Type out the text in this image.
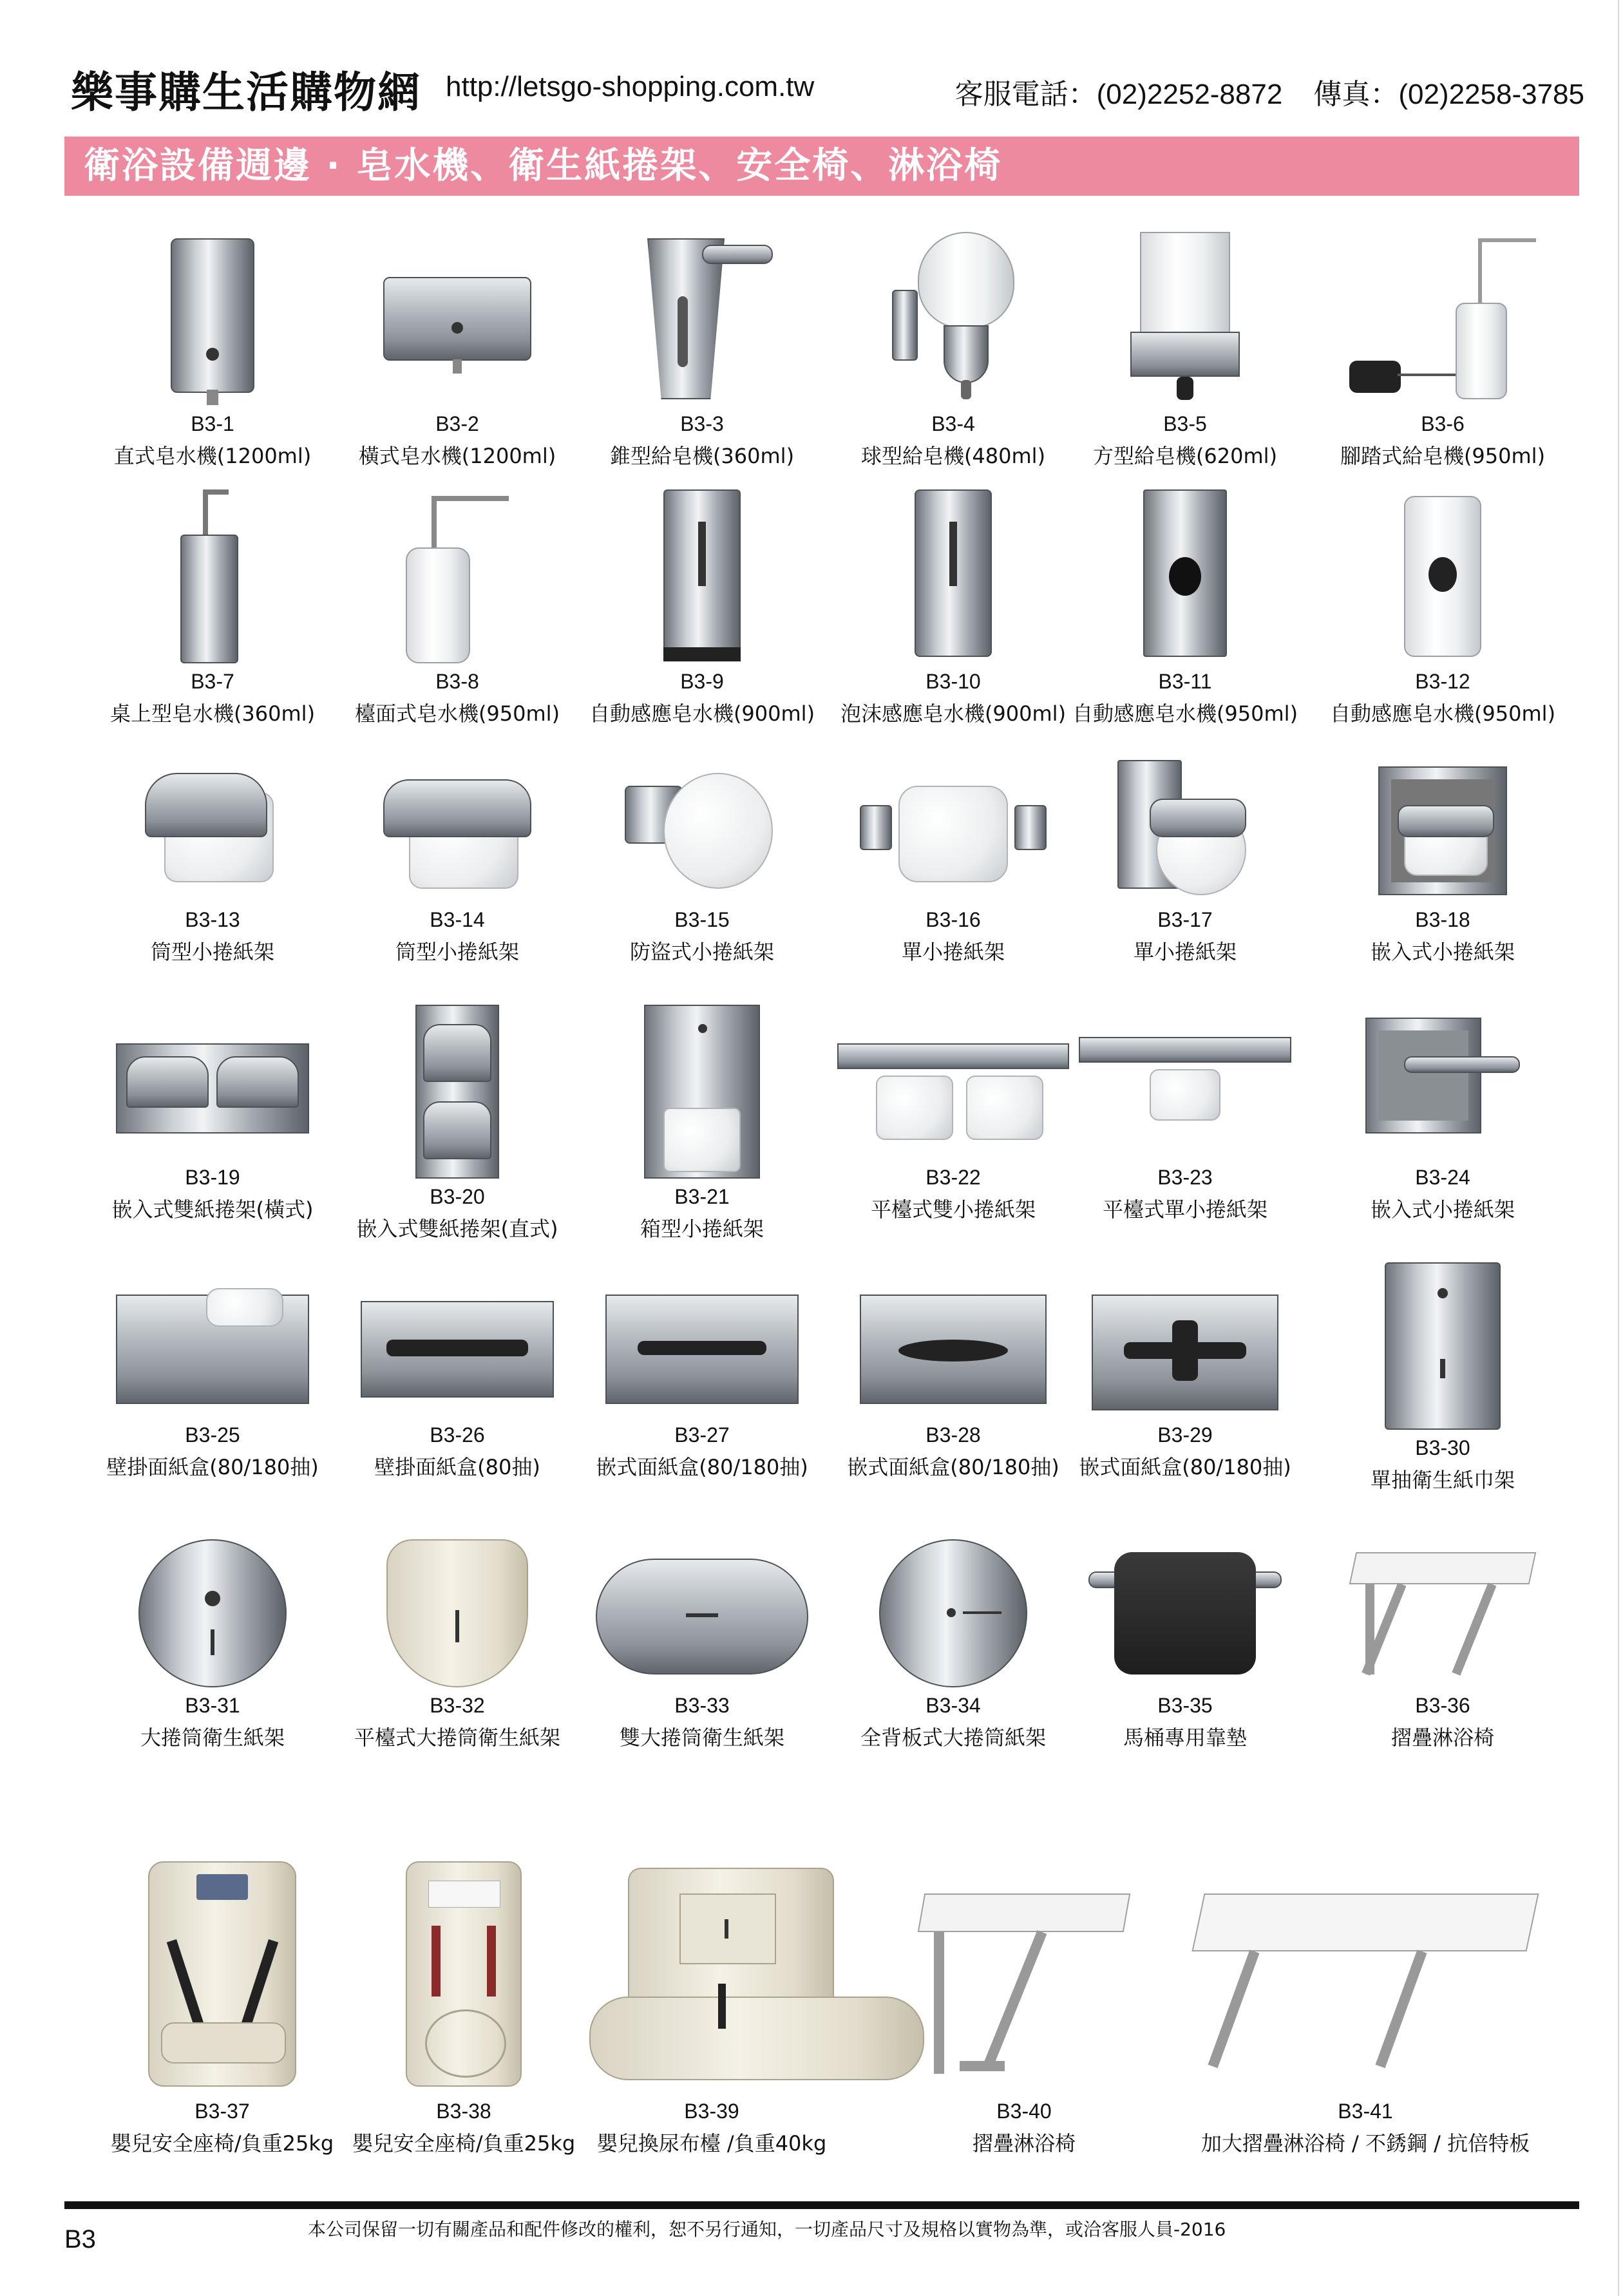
樂事購生活購物網 http://letsgo-shopping.com.tw	客服電話：(02)2252-8872 傳真：(02)2258-3785
衛浴設備週邊 · 皂水機、衛生紙捲架、安全椅、淋浴椅
B3-1
直式皂水機(1200ml)
B3-2
橫式皂水機(1200ml)
B3-3
錐型給皂機(360ml)
B3-4
球型給皂機(480ml)
B3-5
方型給皂機(620ml)
B3-6
腳踏式給皂機(950ml)
B3-7
桌上型皂水機(360ml)
B3-8
檯面式皂水機(950ml)
B3-9
自動感應皂水機(900ml)
B3-10
泡沫感應皂水機(900ml)
B3-11
自動感應皂水機(950ml)
B3-12
自動感應皂水機(950ml)
B3-13
筒型小捲紙架
B3-14
筒型小捲紙架
B3-15
防盜式小捲紙架
B3-16
單小捲紙架
B3-17
單小捲紙架
B3-18
嵌入式小捲紙架
B3-19
嵌入式雙紙捲架(橫式)
B3-20
嵌入式雙紙捲架(直式)
B3-21
箱型小捲紙架
B3-22
平檯式雙小捲紙架
B3-23
平檯式單小捲紙架
B3-24
嵌入式小捲紙架
B3-25
壁掛面紙盒(80/180抽)
B3-26
壁掛面紙盒(80抽)
B3-27
嵌式面紙盒(80/180抽)
B3-28
嵌式面紙盒(80/180抽)
B3-29
嵌式面紙盒(80/180抽)
B3-30
單抽衛生紙巾架
B3-31
大捲筒衛生紙架
B3-32
平檯式大捲筒衛生紙架
B3-33
雙大捲筒衛生紙架
B3-34
全背板式大捲筒紙架
B3-35
馬桶專用靠墊
B3-36
摺疊淋浴椅
B3-37
嬰兒安全座椅/負重25kg
B3-38
嬰兒安全座椅/負重25kg
B3-39
嬰兒換尿布檯 /負重40kg
B3-40
摺疊淋浴椅
B3-41
加大摺疊淋浴椅 / 不銹鋼 / 抗倍特板
B3	本公司保留一切有關產品和配件修改的權利，恕不另行通知，一切產品尺寸及規格以實物為準，或洽客服人員-2016
